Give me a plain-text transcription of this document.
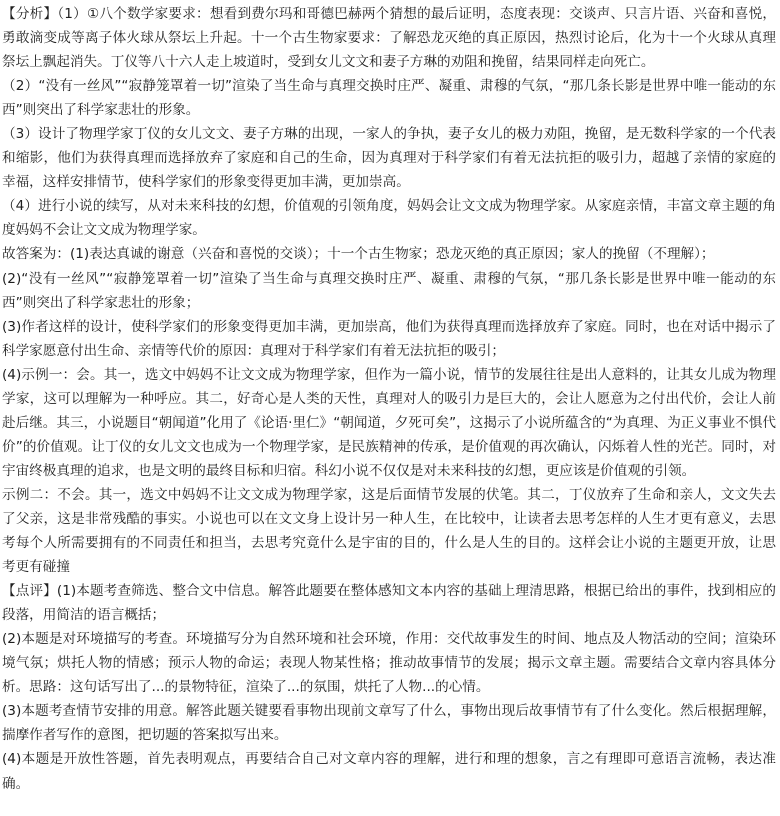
【分析】（1）①八个数学家要求：想看到费尔玛和哥德巴赫两个猜想的最后证明，态度表现：交谈声、只言片语、兴奋和喜悦，勇敢滴变成等离子体火球从祭坛上升起。十一个古生物家要求：了解恐龙灭绝的真正原因，热烈讨论后，化为十一个火球从真理祭坛上飘起消失。丁仪等八十六人走上坡道时，受到女儿文文和妻子方琳的劝阻和挽留，结果同样走向死亡。

（2）“没有一丝风”“寂静笼罩着一切”渲染了当生命与真理交换时庄严、凝重、肃穆的气氛，“那几条长影是世界中唯一能动的东西”则突出了科学家悲壮的形象。

（3）设计了物理学家丁仪的女儿文文、妻子方琳的出现，一家人的争执，妻子女儿的极力劝阻，挽留，是无数科学家的一个代表和缩影，他们为获得真理而选择放弃了家庭和自己的生命，因为真理对于科学家们有着无法抗拒的吸引力，超越了亲情的家庭的幸福，这样安排情节，使科学家们的形象变得更加丰满，更加崇高。

（4）进行小说的续写，从对未来科技的幻想，价值观的引领角度，妈妈会让文文成为物理学家。从家庭亲情，丰富文章主题的角度妈妈不会让文文成为物理学家。

故答案为：(1)表达真诚的谢意（兴奋和喜悦的交谈）；十一个古生物家；恐龙灭绝的真正原因；家人的挽留（不理解）；

(2)“没有一丝风”“寂静笼罩着一切”渲染了当生命与真理交换时庄严、凝重、肃穆的气氛，“那几条长影是世界中唯一能动的东西”则突出了科学家悲壮的形象；

(3)作者这样的设计，使科学家们的形象变得更加丰满，更加崇高，他们为获得真理而选择放弃了家庭。同时，也在对话中揭示了科学家愿意付出生命、亲情等代价的原因：真理对于科学家们有着无法抗拒的吸引；

(4)示例一：会。其一，选文中妈妈不让文文成为物理学家，但作为一篇小说，情节的发展往往是出人意料的，让其女儿成为物理学家，这可以理解为一种呼应。其二，好奇心是人类的天性，真理对人的吸引力是巨大的，会让人愿意为之付出代价，会让人前赴后继。其三，小说题目“朝闻道”化用了《论语·里仁》“朝闻道，夕死可矣”，这揭示了小说所蕴含的“为真理、为正义事业不惧代价”的价值观。让丁仪的女儿文文也成为一个物理学家，是民族精神的传承，是价值观的再次确认，闪烁着人性的光芒。同时，对宇宙终极真理的追求，也是文明的最终目标和归宿。科幻小说不仅仅是对未来科技的幻想，更应该是价值观的引领。

示例二：不会。其一，选文中妈妈不让文文成为物理学家，这是后面情节发展的伏笔。其二，丁仪放弃了生命和亲人，文文失去了父亲，这是非常残酷的事实。小说也可以在文文身上设计另一种人生，在比较中，让读者去思考怎样的人生才更有意义，去思考每个人所需要拥有的不同责任和担当，去思考究竟什么是宇宙的目的，什么是人生的目的。这样会让小说的主题更开放，让思考更有碰撞

【点评】(1)本题考查筛选、整合文中信息。解答此题要在整体感知文本内容的基础上理清思路，根据已给出的事件，找到相应的段落，用简洁的语言概括；

(2)本题是对环境描写的考查。环境描写分为自然环境和社会环境，作用：交代故事发生的时间、地点及人物活动的空间；渲染环境气氛；烘托人物的情感；预示人物的命运；表现人物某性格；推动故事情节的发展；揭示文章主题。需要结合文章内容具体分析。思路：这句话写出了...的景物特征，渲染了...的氛围，烘托了人物...的心情。

(3)本题考查情节安排的用意。解答此题关键要看事物出现前文章写了什么，事物出现后故事情节有了什么变化。然后根据理解，揣摩作者写作的意图，把切题的答案拟写出来。

(4)本题是开放性答题，首先表明观点，再要结合自己对文章内容的理解，进行和理的想象，言之有理即可意语言流畅，表达准确。
